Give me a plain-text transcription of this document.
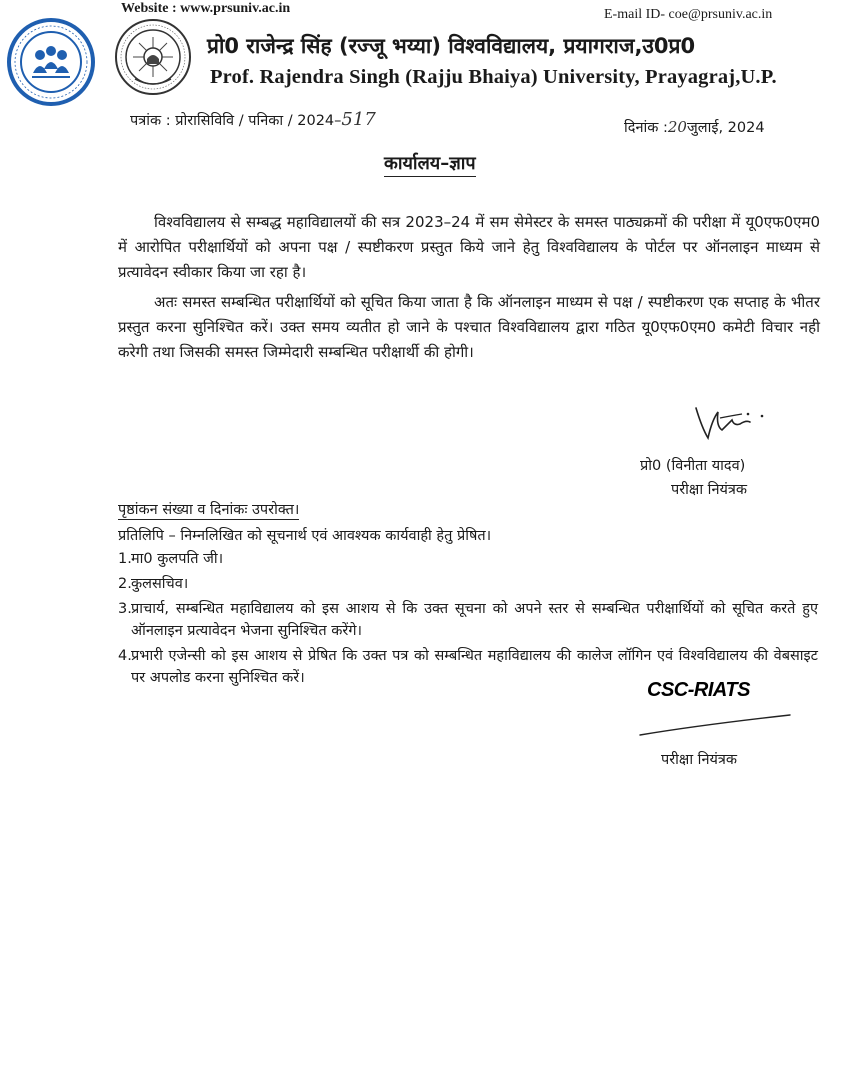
Website : www.prsuniv.ac.in	E-mail ID- coe@prsuniv.ac.in
प्रो0 राजेन्द्र सिंह (रज्जू भय्या) विश्वविद्यालय, प्रयागराज,उ0प्र0
Prof. Rajendra Singh (Rajju Bhaiya) University, Prayagraj,U.P.
पत्रांक : प्रोरासिविवि / पनिका / 2024–517	दिनांक :20जुलाई, 2024
कार्यालय–ज्ञाप
विश्वविद्यालय से सम्बद्ध महाविद्यालयों की सत्र 2023–24 में सम सेमेस्टर के समस्त पाठ्यक्रमों की परीक्षा में यू0एफ0एम0 में आरोपित परीक्षार्थियों को अपना पक्ष / स्पष्टीकरण प्रस्तुत किये जाने हेतु विश्वविद्यालय के पोर्टल पर ऑनलाइन माध्यम से प्रत्यावेदन स्वीकार किया जा रहा है।
अतः समस्त सम्बन्धित परीक्षार्थियों को सूचित किया जाता है कि ऑनलाइन माध्यम से पक्ष / स्पष्टीकरण एक सप्ताह के भीतर प्रस्तुत करना सुनिश्चित करें। उक्त समय व्यतीत हो जाने के पश्चात विश्वविद्यालय द्वारा गठित यू0एफ0एम0 कमेटी विचार नही करेगी तथा जिसकी समस्त जिम्मेदारी सम्बन्धित परीक्षार्थी की होगी।
प्रो0 (विनीता यादव)
परीक्षा नियंत्रक
पृष्ठांकन संख्या व दिनांकः उपरोक्त।
प्रतिलिपि – निम्नलिखित को सूचनार्थ एवं आवश्यक कार्यवाही हेतु प्रेषित।
1. मा0 कुलपति जी।
2. कुलसचिव।
3. प्राचार्य, सम्बन्धित महाविद्यालय को इस आशय से कि उक्त सूचना को अपने स्तर से सम्बन्धित परीक्षार्थियों को सूचित करते हुए ऑनलाइन प्रत्यावेदन भेजना सुनिश्चित करेंगे।
4. प्रभारी एजेन्सी को इस आशय से प्रेषित कि उक्त पत्र को सम्बन्धित महाविद्यालय की कालेज लॉगिन एवं विश्वविद्यालय की वेबसाइट पर अपलोड करना सुनिश्चित करें।
CSC-RIATS
परीक्षा नियंत्रक
